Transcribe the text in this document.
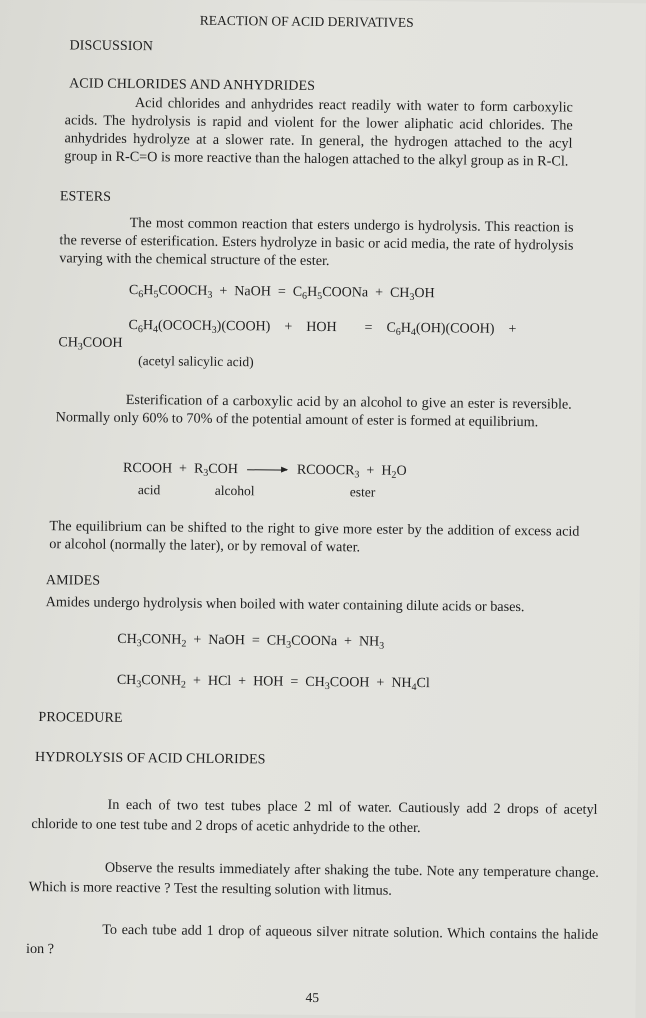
REACTION OF ACID DERIVATIVES
DISCUSSION
ACID CHLORIDES AND ANHYDRIDES
Acid chlorides and anhydrides react readily with water to form carboxylic acids. The hydrolysis is rapid and violent for the lower aliphatic acid chlorides. The anhydrides hydrolyze at a slower rate. In general, the hydrogen attached to the acyl group in R-C=O is more reactive than the halogen attached to the alkyl group as in R-Cl.
ESTERS
The most common reaction that esters undergo is hydrolysis. This reaction is the reverse of esterification. Esters hydrolyze in basic or acid media, the rate of hydrolysis varying with the chemical structure of the ester.
$C_6H_5COOCH_3$  +  NaOH  =  $C_6H_5COONa + CH_3OH$
$C_6H_4(OCOCH_3)(COOH)$    +    HOH        =    $C_6H_4(OH)(COOH)$    +
$CH_3COOH$
(acetyl salicylic acid)
Esterification of a carboxylic acid by an alcohol to give an ester is reversible. Normally only 60% to 70% of the potential amount of ester is formed at equilibrium.
RCOOH  +  $R_3COH$	$RCOOCR_3 + H_2O$
acid	alcohol	ester
The equilibrium can be shifted to the right to give more ester by the addition of excess acid or alcohol (normally the later), or by removal of water.
AMIDES
Amides undergo hydrolysis when boiled with water containing dilute acids or bases.
$CH_3CONH_2$  +  NaOH  =  $CH_3COONa + NH_3$
$CH_3CONH_2$  +  HCl  +  HOH  =  $CH_3COOH + NH_4Cl$
PROCEDURE
HYDROLYSIS OF ACID CHLORIDES
In each of two test tubes place 2 ml of water. Cautiously add 2 drops of acetyl chloride to one test tube and 2 drops of acetic anhydride to the other.
Observe the results immediately after shaking the tube. Note any temperature change. Which is more reactive ? Test the resulting solution with litmus.
To each tube add 1 drop of aqueous silver nitrate solution. Which contains the halide ion ?
45
